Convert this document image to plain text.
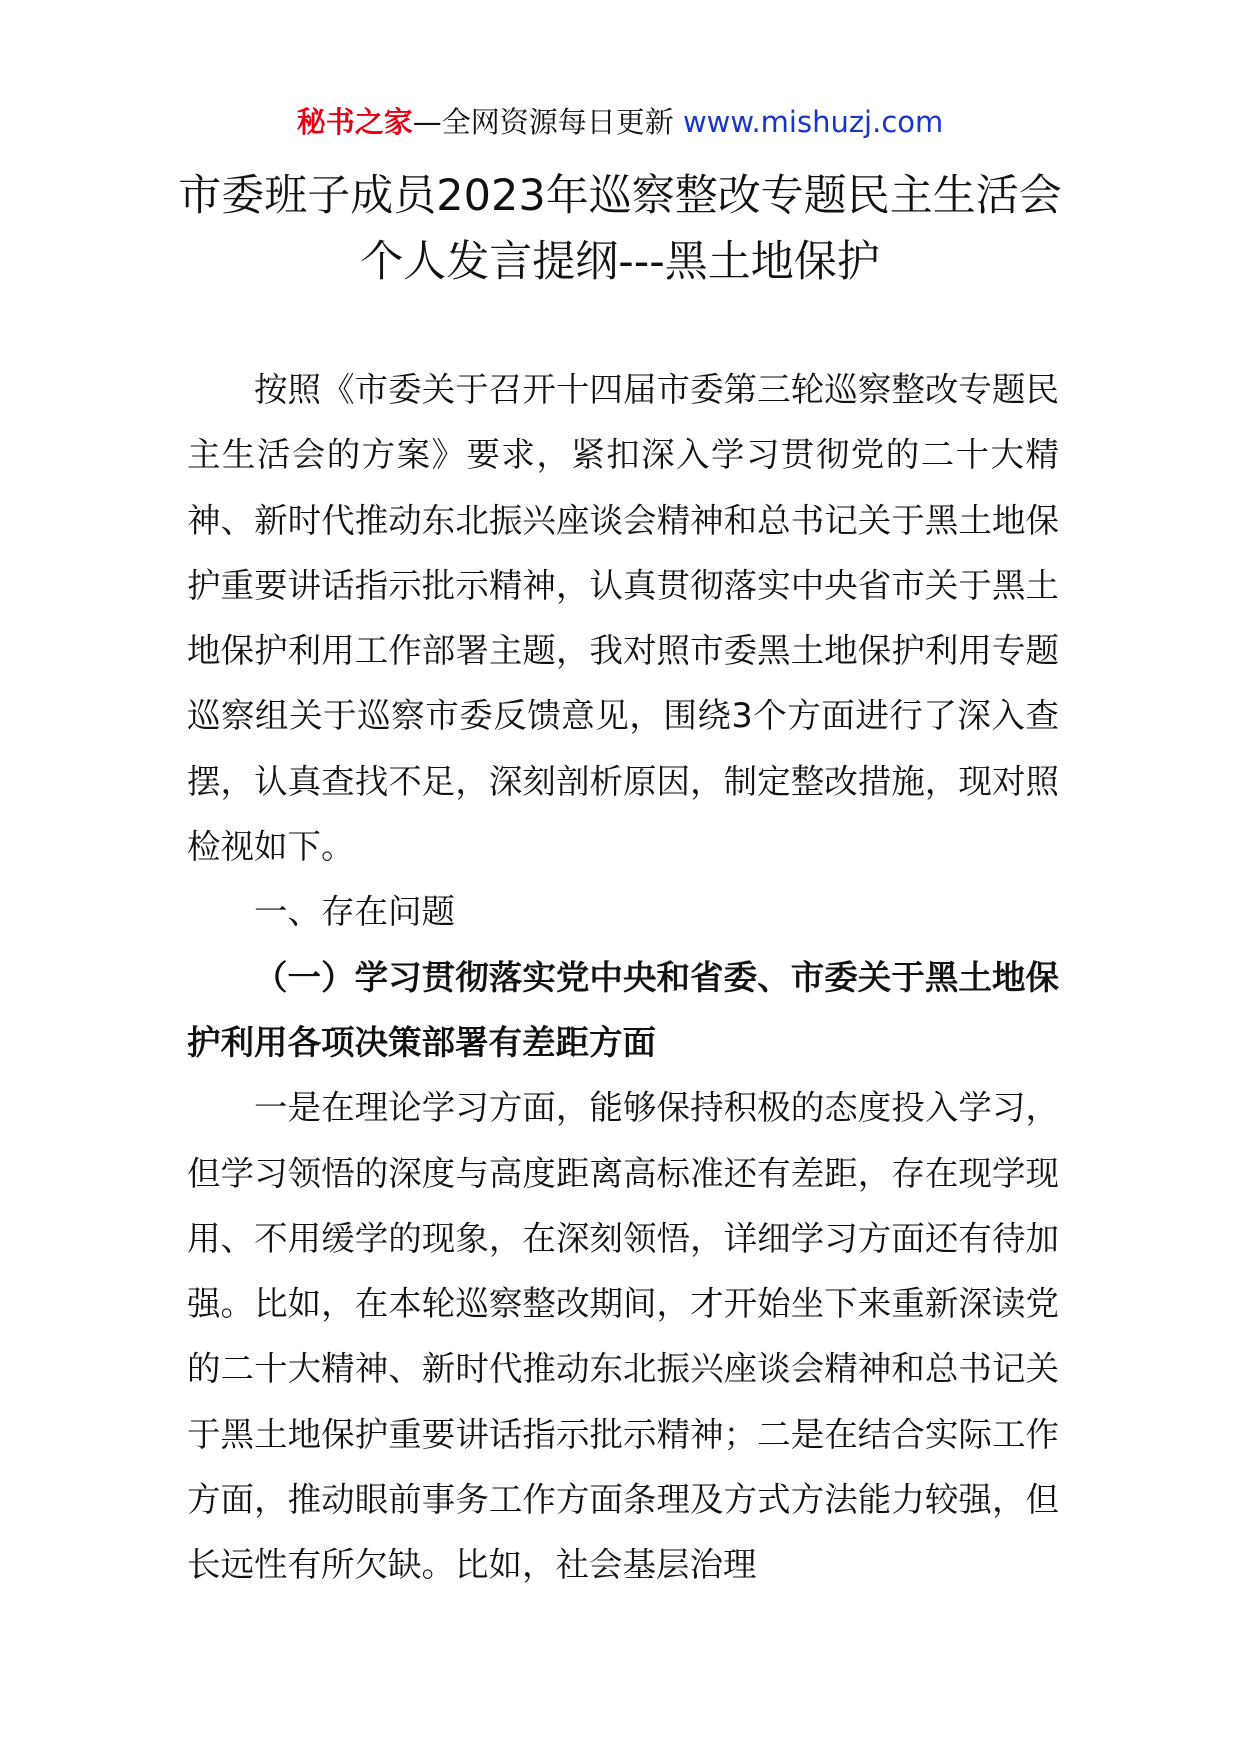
秘书之家—全网资源每日更新 www.mishuzj.com
市委班子成员2023年巡察整改专题民主生活会
个人发言提纲---黑土地保护

按照《市委关于召开十四届市委第三轮巡察整改专题民主生活会的方案》要求，紧扣深入学习贯彻党的二十大精神、新时代推动东北振兴座谈会精神和总书记关于黑土地保护重要讲话指示批示精神，认真贯彻落实中央省市关于黑土地保护利用工作部署主题，我对照市委黑土地保护利用专题巡察组关于巡察市委反馈意见，围绕3个方面进行了深入查摆，认真查找不足，深刻剖析原因，制定整改措施，现对照检视如下。

一、存在问题

（一）学习贯彻落实党中央和省委、市委关于黑土地保护利用各项决策部署有差距方面

一是在理论学习方面，能够保持积极的态度投入学习，但学习领悟的深度与高度距离高标准还有差距，存在现学现用、不用缓学的现象，在深刻领悟，详细学习方面还有待加强。比如，在本轮巡察整改期间，才开始坐下来重新深读党的二十大精神、新时代推动东北振兴座谈会精神和总书记关于黑土地保护重要讲话指示批示精神；二是在结合实际工作方面，推动眼前事务工作方面条理及方式方法能力较强，但长远性有所欠缺。比如，社会基层治理
